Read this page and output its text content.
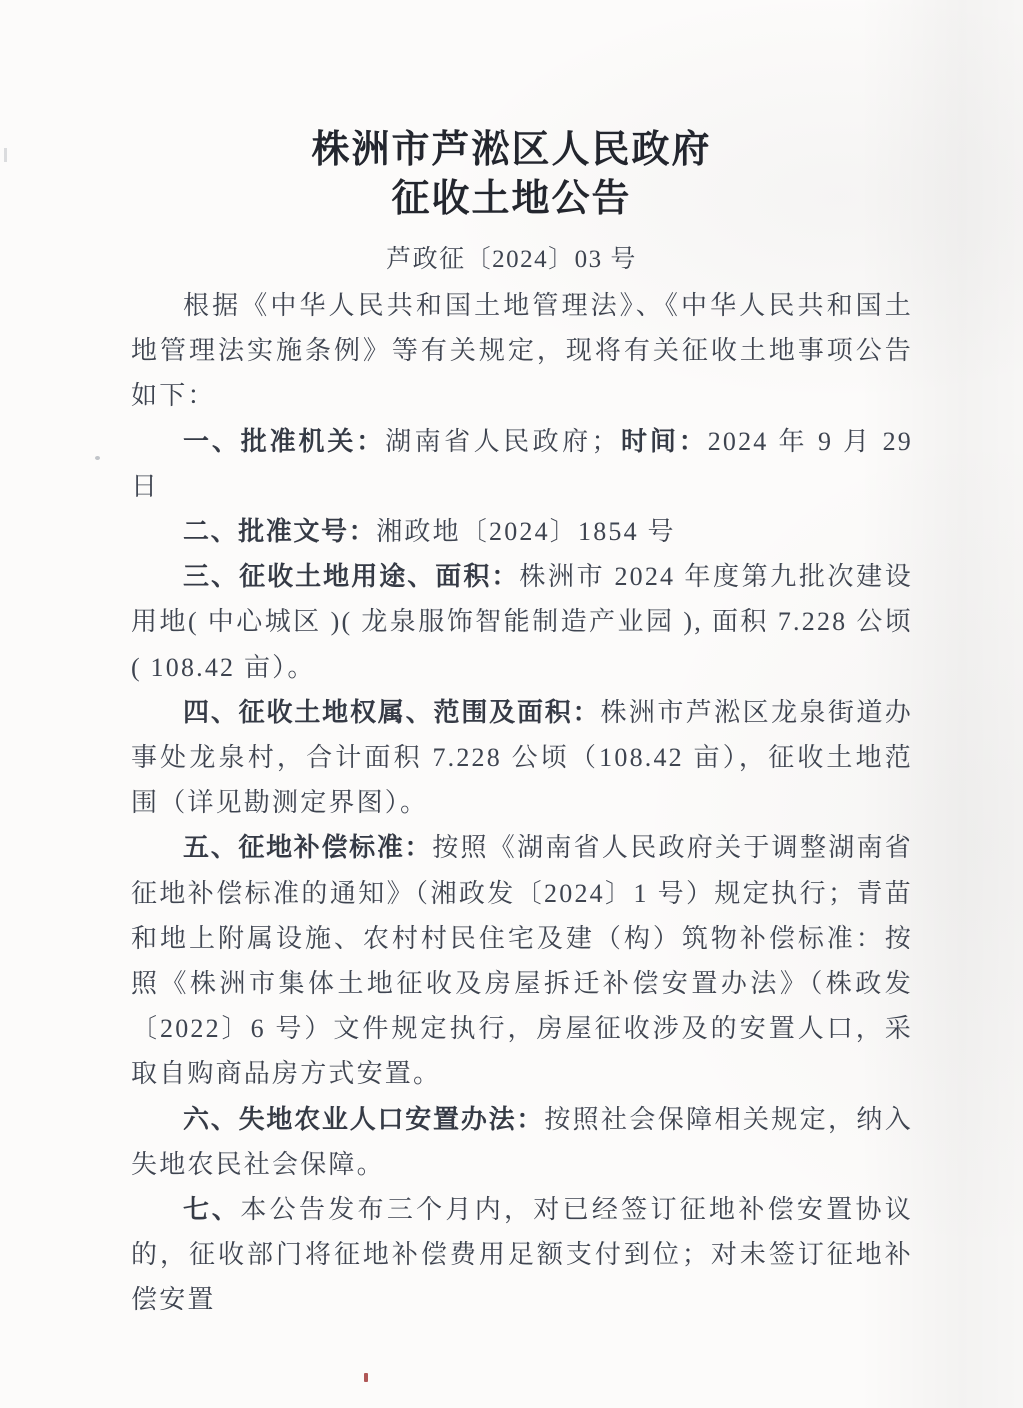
株洲市芦淞区人民政府
征收土地公告
芦政征〔2024〕03 号

根据《中华人民共和国土地管理法》、《中华人民共和国土地管理法实施条例》等有关规定，现将有关征收土地事项公告如下：

一、批准机关：湖南省人民政府；时间：2024 年 9 月 29 日

二、批准文号：湘政地〔2024〕1854 号

三、征收土地用途、面积：株洲市 2024 年度第九批次建设用地( 中心城区 )( 龙泉服饰智能制造产业园 ), 面积 7.228 公顷( 108.42 亩）。

四、征收土地权属、范围及面积：株洲市芦淞区龙泉街道办事处龙泉村，合计面积 7.228 公顷（108.42 亩），征收土地范围（详见勘测定界图）。

五、征地补偿标准：按照《湖南省人民政府关于调整湖南省征地补偿标准的通知》（湘政发〔2024〕1 号）规定执行；青苗和地上附属设施、农村村民住宅及建（构）筑物补偿标准：按照《株洲市集体土地征收及房屋拆迁补偿安置办法》（株政发〔2022〕6 号）文件规定执行，房屋征收涉及的安置人口，采取自购商品房方式安置。

六、失地农业人口安置办法：按照社会保障相关规定，纳入失地农民社会保障。

七、本公告发布三个月内，对已经签订征地补偿安置协议的，征收部门将征地补偿费用足额支付到位；对未签订征地补偿安置
